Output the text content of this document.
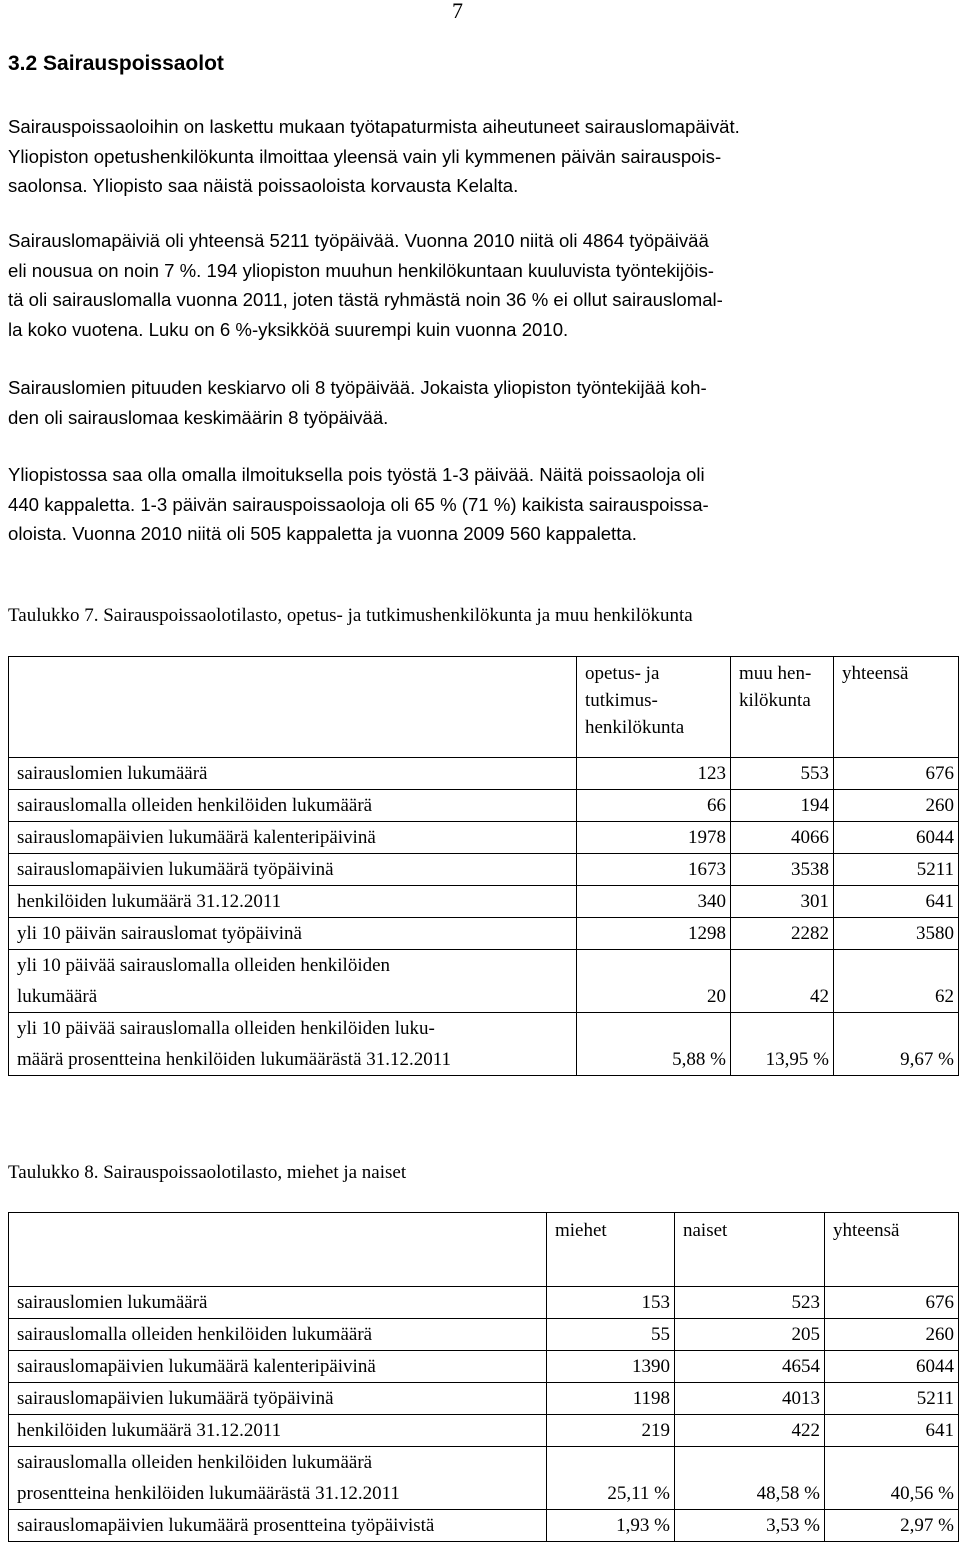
7
3.2 Sairauspoissaolot
Sairauspoissaoloihin on laskettu mukaan työtapaturmista aiheutuneet sairauslomapäivät.
Yliopiston opetushenkilökunta ilmoittaa yleensä vain yli kymmenen päivän sairauspois-
saolonsa. Yliopisto saa näistä poissaoloista korvausta Kelalta.
Sairauslomapäiviä oli yhteensä 5211 työpäivää. Vuonna 2010 niitä oli 4864 työpäivää
eli nousua on noin 7 %. 194 yliopiston muuhun henkilökuntaan kuuluvista työntekijöis-
tä oli sairauslomalla vuonna 2011, joten tästä ryhmästä noin 36 % ei ollut sairauslomal-
la koko vuotena. Luku on 6 %-yksikköä suurempi kuin vuonna 2010.
Sairauslomien pituuden keskiarvo oli 8 työpäivää. Jokaista yliopiston työntekijää koh-
den oli sairauslomaa keskimäärin 8 työpäivää.
Yliopistossa saa olla omalla ilmoituksella pois työstä 1-3 päivää. Näitä poissaoloja oli
440 kappaletta. 1-3 päivän sairauspoissaoloja oli 65 % (71 %) kaikista sairauspoissa-
oloista. Vuonna 2010 niitä oli 505 kappaletta ja vuonna 2009 560 kappaletta.
Taulukko 7. Sairauspoissaolotilasto, opetus- ja tutkimushenkilökunta ja muu henkilökunta
	opetus- ja
tutkimus-
henkilökunta	muu hen-
kilökunta	yhteensä

sairauslomien lukumäärä	123	553	676

sairauslomalla olleiden henkilöiden lukumäärä	66	194	260

sairauslomapäivien lukumäärä kalenteripäivinä	1978	4066	6044

sairauslomapäivien lukumäärä työpäivinä	1673	3538	5211

henkilöiden lukumäärä 31.12.2011	340	301	641

yli 10 päivän sairauslomat työpäivinä	1298	2282	3580

yli 10 päivää sairauslomalla olleiden henkilöiden
lukumäärä	20	42	62

yli 10 päivää sairauslomalla olleiden henkilöiden luku-
määrä prosentteina henkilöiden lukumäärästä 31.12.2011	5,88 %	13,95 %	9,67 %
Taulukko 8. Sairauspoissaolotilasto, miehet ja naiset
	miehet	naiset	yhteensä

sairauslomien lukumäärä	153	523	676

sairauslomalla olleiden henkilöiden lukumäärä	55	205	260

sairauslomapäivien lukumäärä kalenteripäivinä	1390	4654	6044

sairauslomapäivien lukumäärä työpäivinä	1198	4013	5211

henkilöiden lukumäärä 31.12.2011	219	422	641

sairauslomalla olleiden henkilöiden lukumäärä
prosentteina henkilöiden lukumäärästä 31.12.2011	25,11 %	48,58 %	40,56 %

sairauslomapäivien lukumäärä prosentteina työpäivistä	1,93 %	3,53 %	2,97 %
